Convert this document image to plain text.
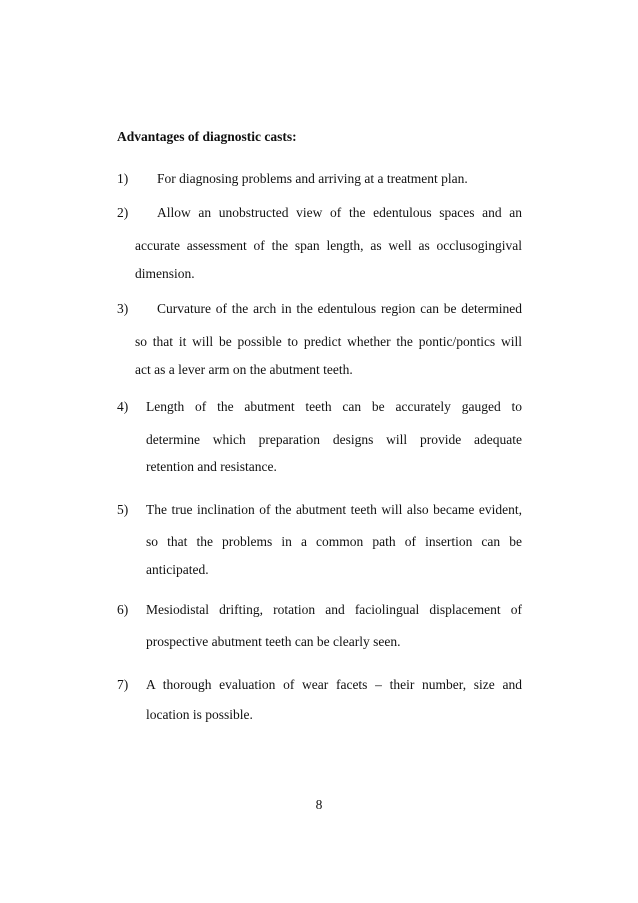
Advantages of diagnostic casts:
1) For diagnosing problems and arriving at a treatment plan.
2) Allow an unobstructed view of the edentulous spaces and an
accurate assessment of the span length, as well as occlusogingival
dimension.
3) Curvature of the arch in the edentulous region can be determined
so that it will be possible to predict whether the pontic/pontics will
act as a lever arm on the abutment teeth.
4) Length of the abutment teeth can be accurately gauged to
determine which preparation designs will provide adequate
retention and resistance.
5) The true inclination of the abutment teeth will also became evident,
so that the problems in a common path of insertion can be
anticipated.
6) Mesiodistal drifting, rotation and faciolingual displacement of
prospective abutment teeth can be clearly seen.
7) A thorough evaluation of wear facets – their number, size and
location is possible.
8
